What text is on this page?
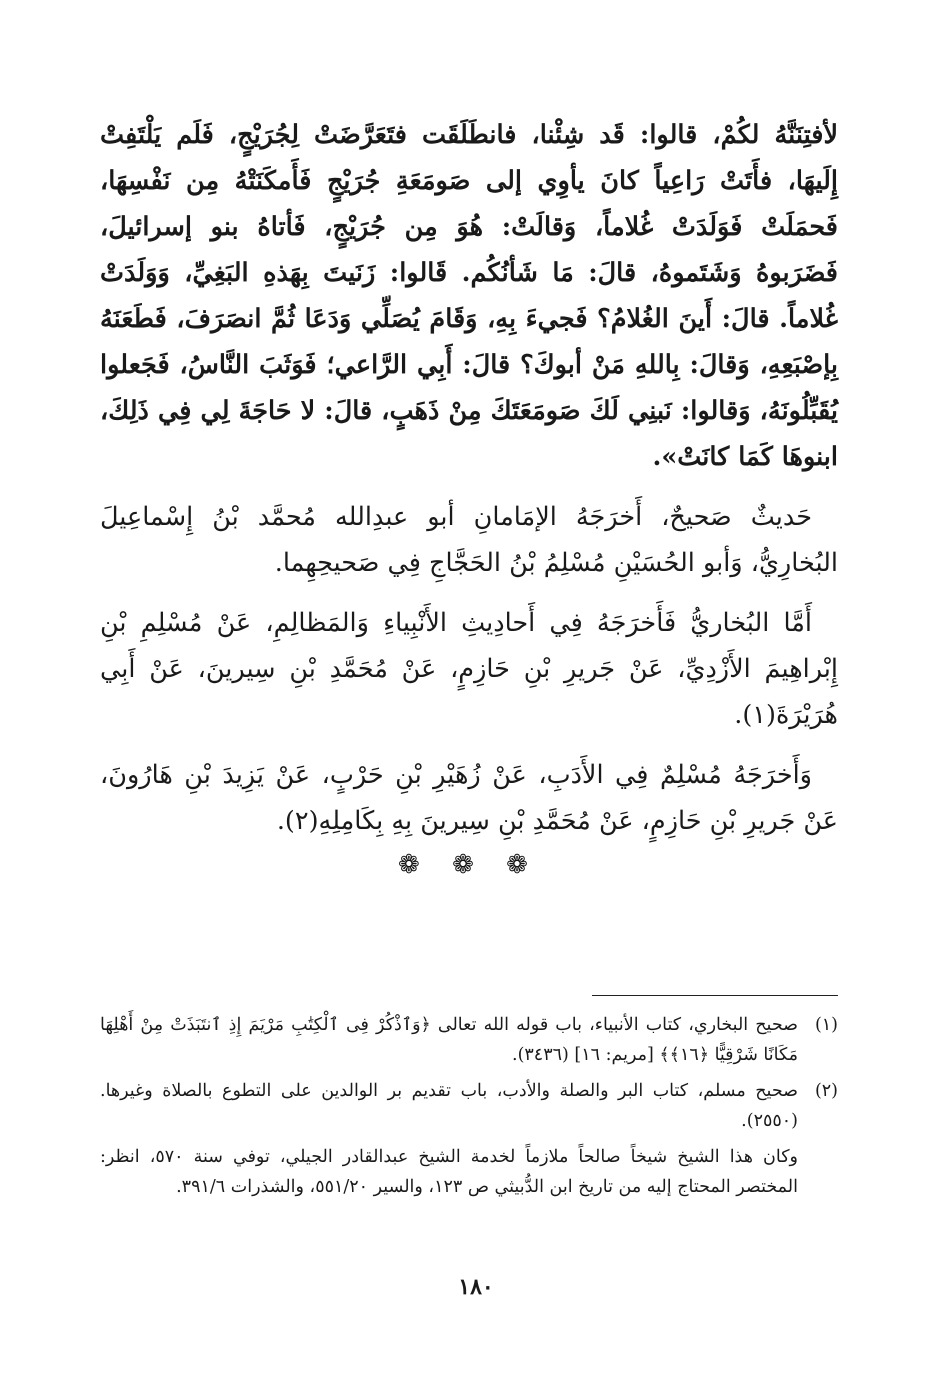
لأفتِنَنَّهُ لكُمْ، قالوا: قَد شِئْنا، فانطَلَقَت فتَعَرَّضَتْ لِجُرَيْجٍ، فَلَم يَلْتَفِتْ إِلَيهَا، فأَتَتْ رَاعِياً كانَ يأوِي إلى صَومَعَةِ جُرَيْجٍ فَأَمكَنَتْهُ مِن نَفْسِهَا، فَحمَلَتْ فَوَلَدَتْ غُلاماً، وَقالَتْ: هُوَ مِن جُرَيْجٍ، فَأتاهُ بنو إسرائيلَ، فَضَرَبوهُ وَشَتَموهُ، قالَ: مَا شَأنُكُم. قَالوا: زَنَيتَ بِهَذهِ البَغِيِّ، وَوَلَدَتْ غُلاماً. قالَ: أَينَ الغُلامُ؟ فَجيءَ بِهِ، وَقَامَ يُصَلِّي وَدَعَا ثُمَّ انصَرَفَ، فَطَعَنَهُ بِإصْبَعِهِ، وَقالَ: بِاللهِ مَنْ أبوكَ؟ قالَ: أَبِي الرَّاعي؛ فَوَثَبَ النَّاسُ، فَجَعلوا يُقَبِّلُونَهُ، وَقالوا: نَبنِي لَكَ صَومَعَتَكَ مِنْ ذَهَبٍ، قالَ: لا حَاجَةَ لِي فِي ذَلِكَ، ابنوهَا كَمَا كانَتْ».

حَديثٌ صَحيحٌ، أَخرَجَهُ الإمَامانِ أبو عبدِالله مُحمَّد بْنُ إِسْماعِيلَ البُخارِيُّ، وَأبو الحُسَيْنِ مُسْلِمُ بْنُ الحَجَّاجِ فِي صَحيحِهِما.

أَمَّا البُخاريُّ فَأَخرَجَهُ فِي أَحادِيثِ الأَنْبِياءِ وَالمَظالِمِ، عَنْ مُسْلِمِ بْنِ إِبْراهِيمَ الأَزْدِيِّ، عَنْ جَريرِ بْنِ حَازِمٍ، عَنْ مُحَمَّدِ بْنِ سِيرينَ، عَنْ أَبِي هُرَيْرَةَ(١).

وَأَخرَجَهُ مُسْلِمٌ فِي الأَدَبِ، عَنْ زُهَيْرِ بْنِ حَرْبٍ، عَنْ يَزِيدَ بْنِ هَارُونَ، عَنْ جَريرِ بْنِ حَازِمٍ، عَنْ مُحَمَّدِ بْنِ سِيرينَ بِهِ بِكَامِلِهِ(٢).

❁ ❁ ❁
(١)
صحيح البخاري، كتاب الأنبياء، باب قوله الله تعالى ﴿وَٱذْكُرْ فِى ٱلْكِتَٰبِ مَرْيَمَ إِذِ ٱنتَبَذَتْ مِنْ أَهْلِهَا مَكَانًا شَرْقِيًّا ﴿١٦﴾﴾ [مريم: ١٦] (٣٤٣٦).
(٢)
صحيح مسلم، كتاب البر والصلة والأدب، باب تقديم بر الوالدين على التطوع بالصلاة وغيرها. (٢٥٥٠).
وكان هذا الشيخ شيخاً صالحاً ملازماً لخدمة الشيخ عبدالقادر الجيلي، توفي سنة ٥٧٠، انظر: المختصر المحتاج إليه من تاريخ ابن الدُّبيثي ص ١٢٣، والسير ٥٥١/٢٠، والشذرات ٣٩١/٦.
١٨٠
